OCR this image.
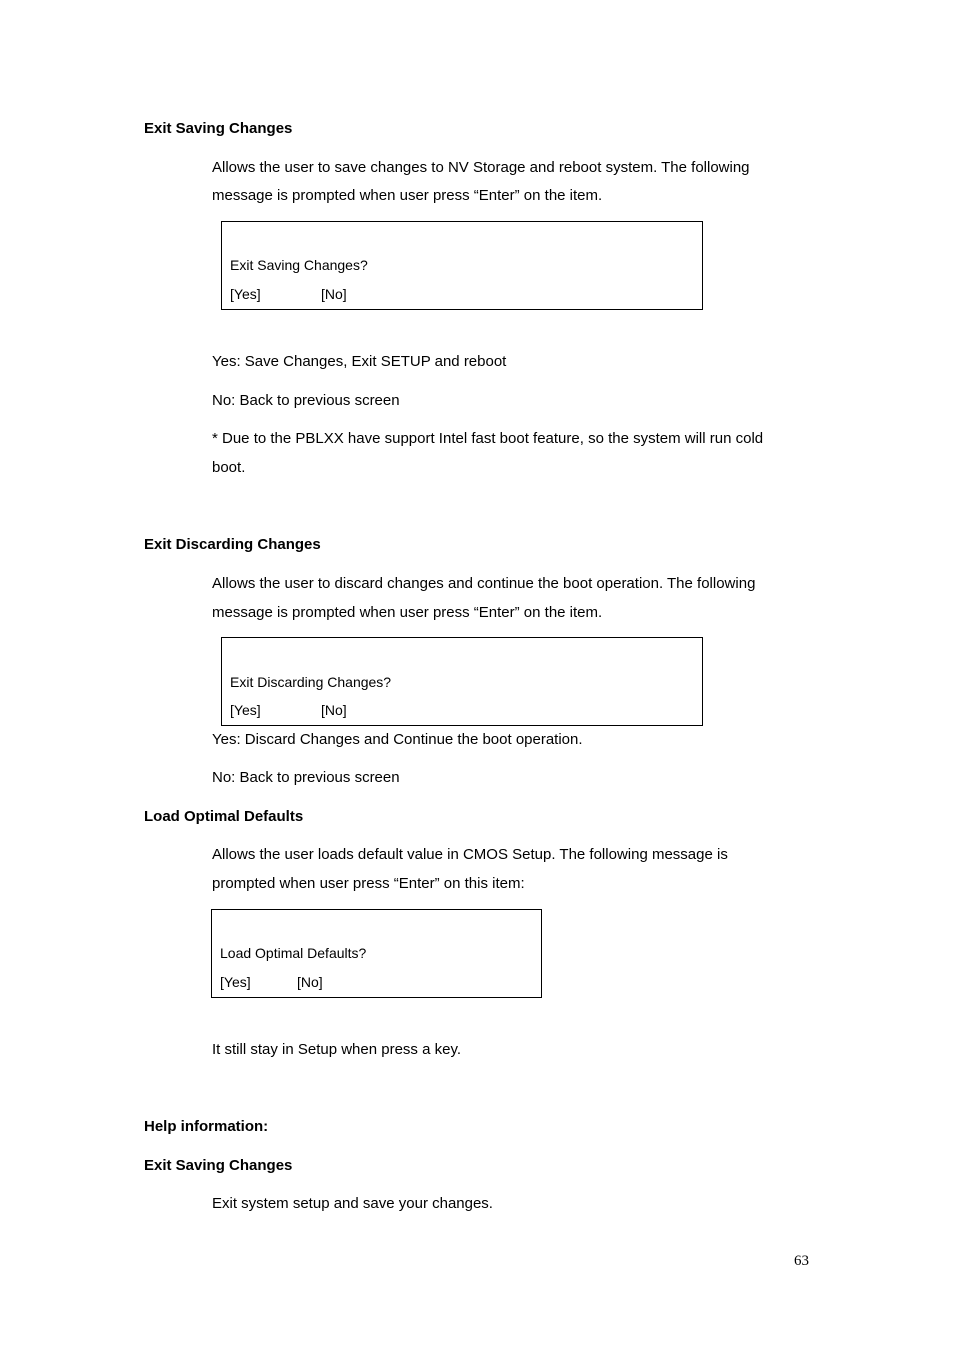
Exit Saving Changes
Allows the user to save changes to NV Storage and reboot system. The following
message is prompted when user press “Enter” on the item.
Exit Saving Changes?
[Yes]	[No]
Yes: Save Changes, Exit SETUP and reboot
No: Back to previous screen
* Due to the PBLXX have support Intel fast boot feature, so the system will run cold
boot.
Exit Discarding Changes
Allows the user to discard changes and continue the boot operation. The following
message is prompted when user press “Enter” on the item.
Exit Discarding Changes?
[Yes]	[No]
Yes: Discard Changes and Continue the boot operation.
No: Back to previous screen
Load Optimal Defaults
Allows the user loads default value in CMOS Setup. The following message is
prompted when user press “Enter” on this item:
Load Optimal Defaults?
[Yes]	[No]
It still stay in Setup when press a key.
Help information:
Exit Saving Changes
Exit system setup and save your changes.
63
